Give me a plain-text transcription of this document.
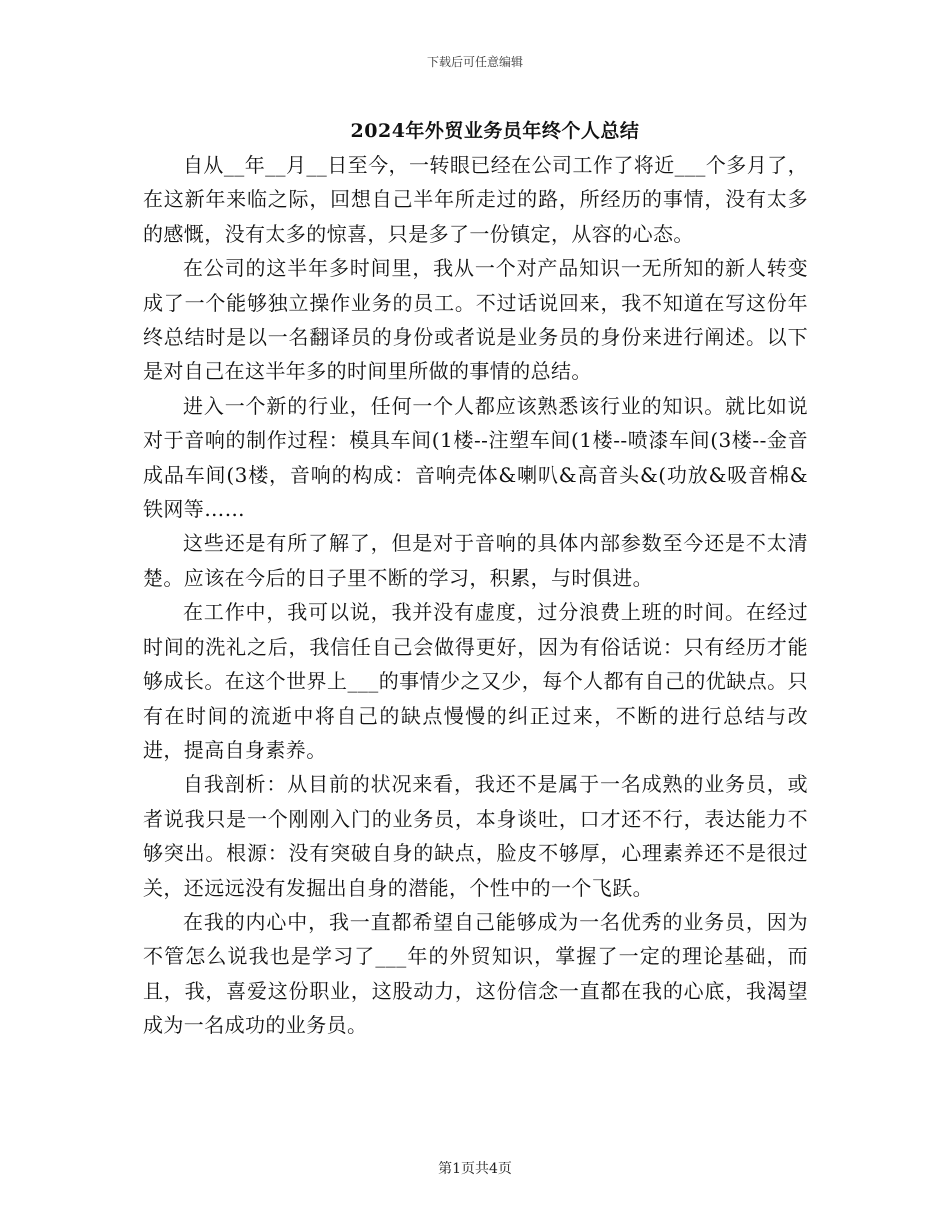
下载后可任意编辑
2024年外贸业务员年终个人总结

自从__年__月__日至今，一转眼已经在公司工作了将近___个多月了，在这新年来临之际，回想自己半年所走过的路，所经历的事情，没有太多的感慨，没有太多的惊喜，只是多了一份镇定，从容的心态。

在公司的这半年多时间里，我从一个对产品知识一无所知的新人转变成了一个能够独立操作业务的员工。不过话说回来，我不知道在写这份年终总结时是以一名翻译员的身份或者说是业务员的身份来进行阐述。以下是对自己在这半年多的时间里所做的事情的总结。

进入一个新的行业，任何一个人都应该熟悉该行业的知识。就比如说对于音响的制作过程：模具车间(1楼--注塑车间(1楼--喷漆车间(3楼--金音成品车间(3楼，音响的构成：音响壳体&喇叭&高音头&(功放&吸音棉&铁网等……

这些还是有所了解了，但是对于音响的具体内部参数至今还是不太清楚。应该在今后的日子里不断的学习，积累，与时俱进。

在工作中，我可以说，我并没有虚度，过分浪费上班的时间。在经过时间的洗礼之后，我信任自己会做得更好，因为有俗话说：只有经历才能够成长。在这个世界上___的事情少之又少，每个人都有自己的优缺点。只有在时间的流逝中将自己的缺点慢慢的纠正过来，不断的进行总结与改进，提高自身素养。

自我剖析：从目前的状况来看，我还不是属于一名成熟的业务员，或者说我只是一个刚刚入门的业务员，本身谈吐，口才还不行，表达能力不够突出。根源：没有突破自身的缺点，脸皮不够厚，心理素养还不是很过关，还远远没有发掘出自身的潜能，个性中的一个飞跃。

在我的内心中，我一直都希望自己能够成为一名优秀的业务员，因为不管怎么说我也是学习了___年的外贸知识，掌握了一定的理论基础，而且，我，喜爱这份职业，这股动力，这份信念一直都在我的心底，我渴望成为一名成功的业务员。

第1页共4页
